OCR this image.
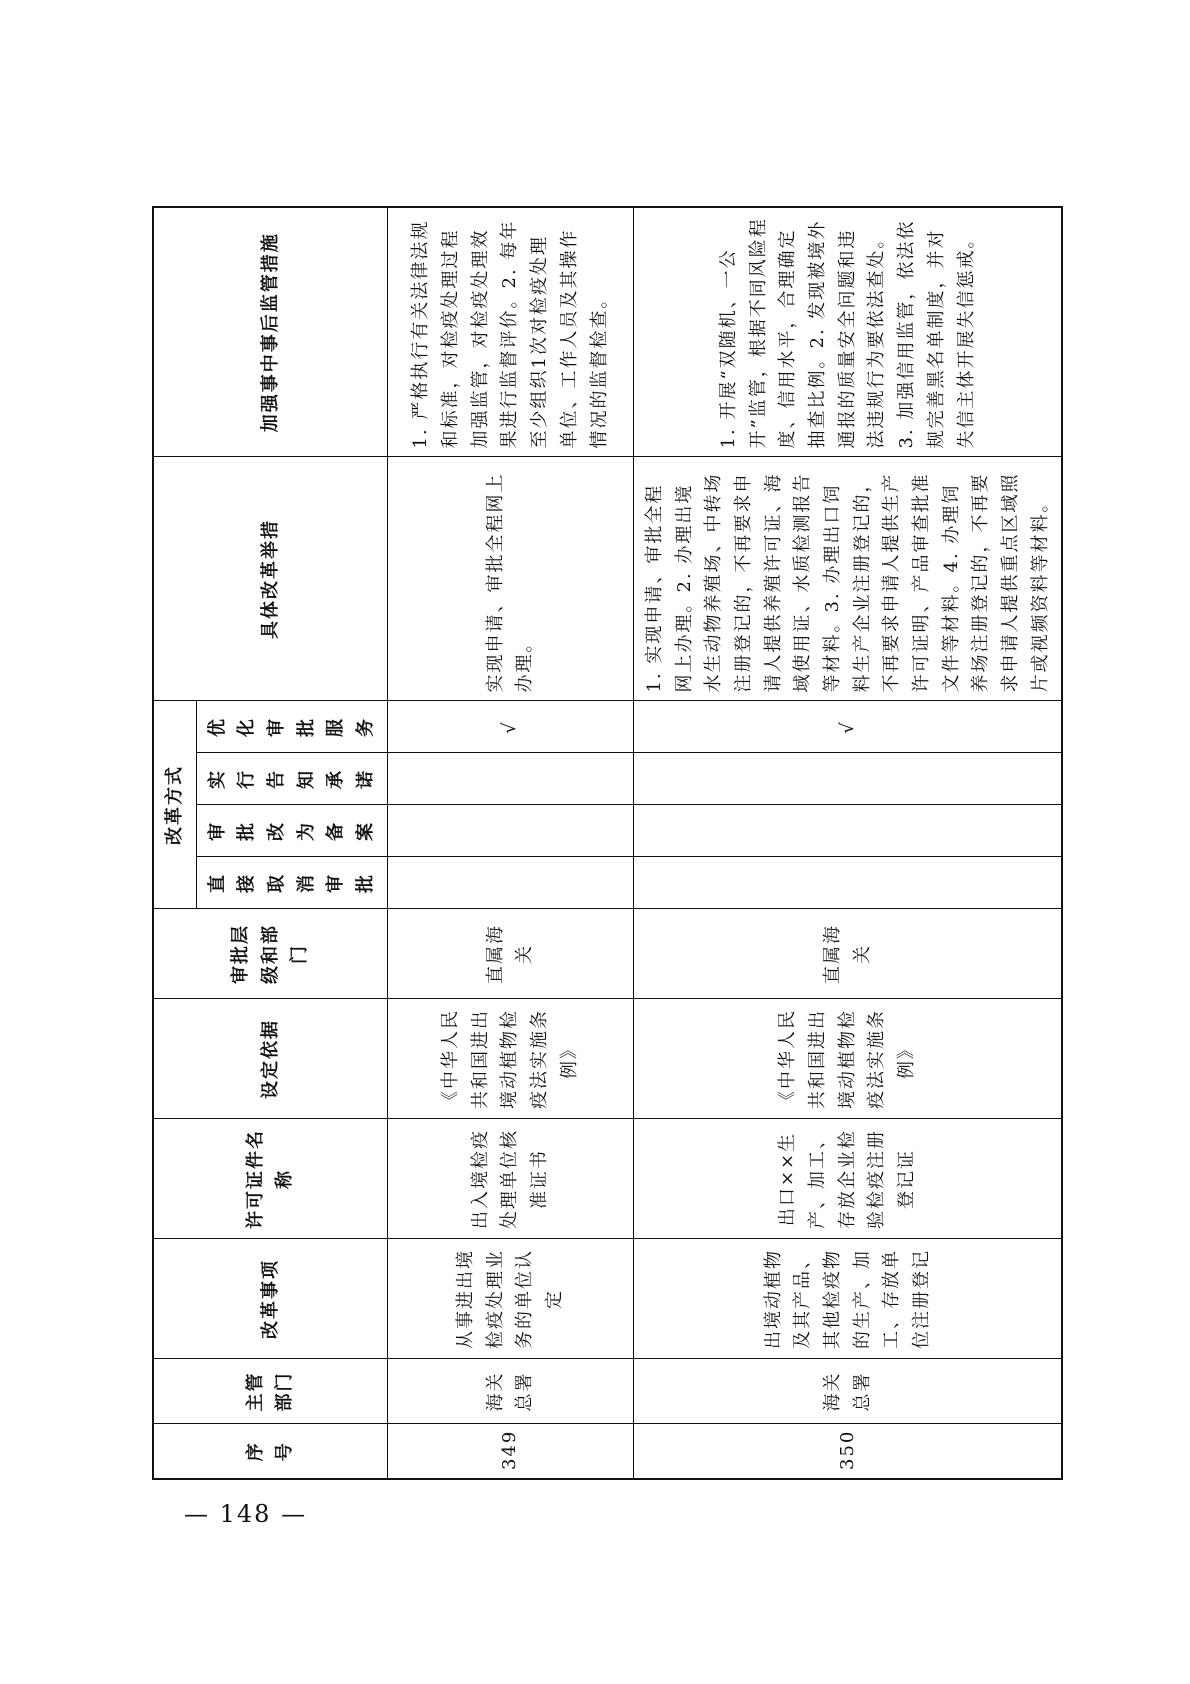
序号	主管部门	改革事项	许可证件名称	设定依据	审批层级和部门	改革方式				具体改革举措	加强事中事后监管措施
						直接取消审批	审批改为备案	实行告知承诺	优化审批服务		
349	海关总署	从事进出境检疫处理业务的单位认定	出入境检疫处理单位核准证书	《中华人民共和国进出境动植物检疫法实施条例》	直属海关				√	实现申请、审批全程网上办理。	1. 严格执行有关法律法规和标准，对检疫处理过程加强监管，对检疫处理效果进行监督评价。2. 每年至少组织1次对检疫处理单位、工作人员及其操作情况的监督检查。
350	海关总署	出境动植物及其产品、其他检疫物的生产、加工、存放单位注册登记	出口××生产、加工、存放企业检验检疫注册登记证	《中华人民共和国进出境动植物检疫法实施条例》	直属海关				√	1. 实现申请、审批全程网上办理。2. 办理出境水生动物养殖场、中转场注册登记的，不再要求申请人提供养殖许可证、海域使用证、水质检测报告等材料。3. 办理出口饲料生产企业注册登记的，不再要求申请人提供生产许可证明、产品审查批准文件等材料。4. 办理饲养场注册登记的，不再要求申请人提供重点区域照片或视频资料等材料。	1. 开展“双随机、一公开”监管，根据不同风险程度、信用水平，合理确定抽查比例。2. 发现被境外通报的质量安全问题和违法违规行为要依法查处。3. 加强信用监管，依法依规完善黑名单制度，并对失信主体开展失信惩戒。
— 148 —
